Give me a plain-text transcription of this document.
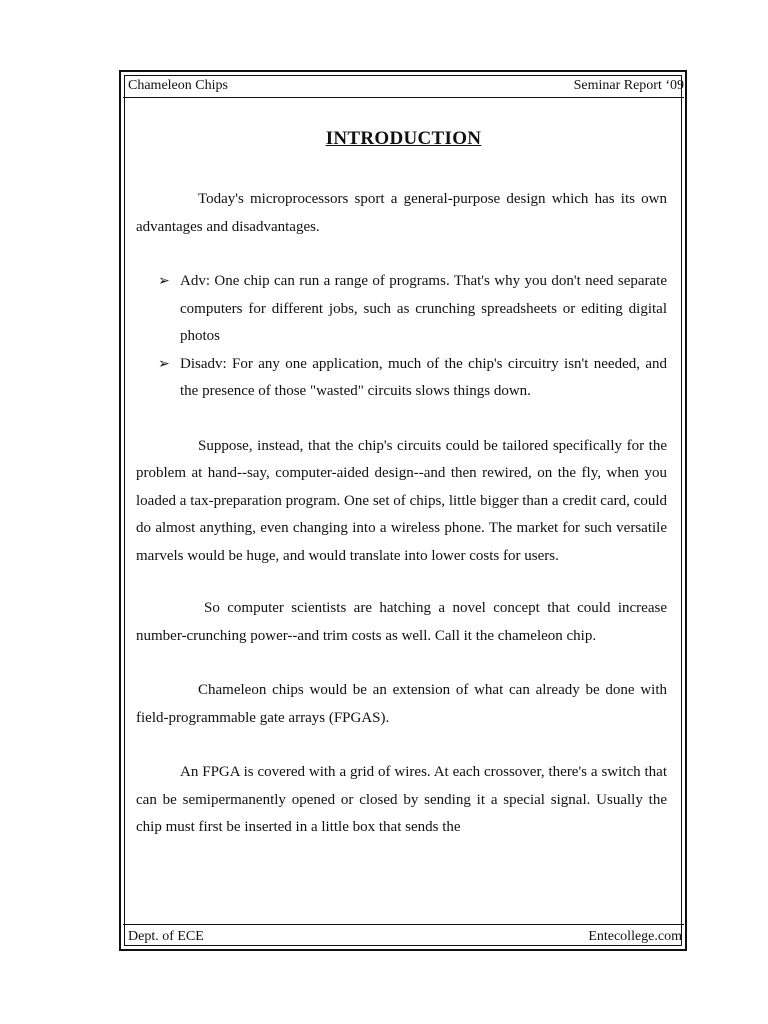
Chameleon Chips	Seminar Report ‘09
INTRODUCTION

Today's microprocessors sport a general-purpose design which has its own advantages and disadvantages.

➢ Adv: One chip can run a range of programs. That's why you don't need separate computers for different jobs, such as crunching spreadsheets or editing digital photos
➢ Disadv: For any one application, much of the chip's circuitry isn't needed, and the presence of those "wasted" circuits slows things down.

Suppose, instead, that the chip's circuits could be tailored specifically for the problem at hand--say, computer-aided design--and then rewired, on the fly, when you loaded a tax-preparation program. One set of chips, little bigger than a credit card, could do almost anything, even changing into a wireless phone. The market for such versatile marvels would be huge, and would translate into lower costs for users.

So computer scientists are hatching a novel concept that could increase number-crunching power--and trim costs as well. Call it the chameleon chip.

Chameleon chips would be an extension of what can already be done with field-programmable gate arrays (FPGAS).

An FPGA is covered with a grid of wires. At each crossover, there's a switch that can be semipermanently opened or closed by sending it a special signal. Usually the chip must first be inserted in a little box that sends the

Dept. of ECE	Entecollege.com
